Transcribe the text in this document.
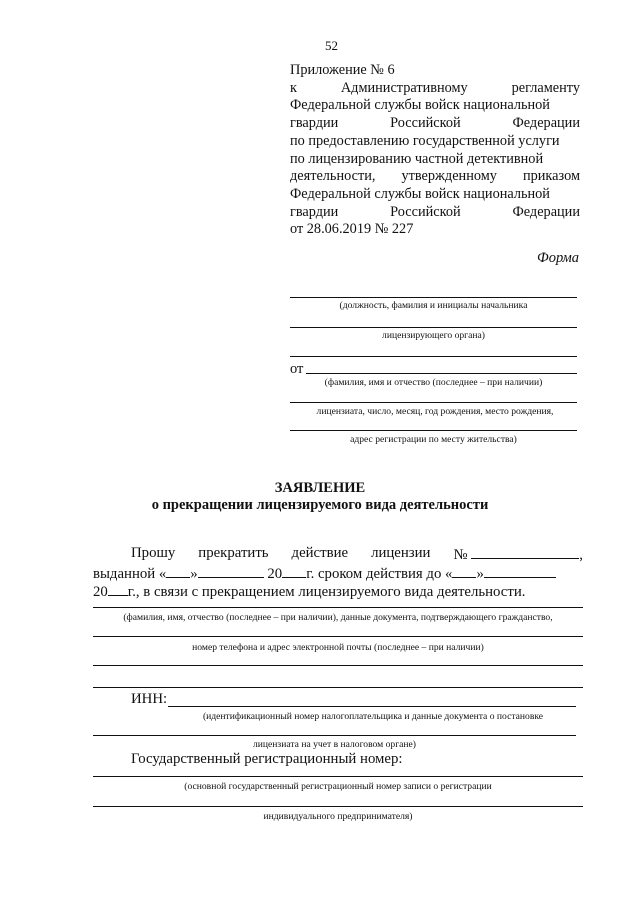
52
Приложение № 6
к	Административному	регламенту
Федеральной службы войск национальной
гвардии	Российской	Федерации
по предоставлению государственной услуги
по лицензированию частной детективной
деятельности, утвержденному приказом
Федеральной службы войск национальной
гвардии	Российской	Федерации
от 28.06.2019 № 227
Форма
(должность, фамилия и инициалы начальника
лицензирующего органа)
от
(фамилия, имя и отчество (последнее – при наличии)
лицензиата, число, месяц, год рождения, место рождения,
адрес регистрации по месту жительства)
ЗАЯВЛЕНИЕ
о прекращении лицензируемого вида деятельности
Прошу прекратить действие лицензии №	,
выданной « »	20 г. сроком действия до « »
20 г., в связи с прекращением лицензируемого вида деятельности.
(фамилия, имя, отчество (последнее – при наличии), данные документа, подтверждающего гражданство,
номер телефона и адрес электронной почты (последнее – при наличии)
ИНН:
(идентификационный номер налогоплательщика и данные документа о постановке
лицензиата на учет в налоговом органе)
Государственный регистрационный номер:
(основной государственный регистрационный номер записи о регистрации
индивидуального предпринимателя)
